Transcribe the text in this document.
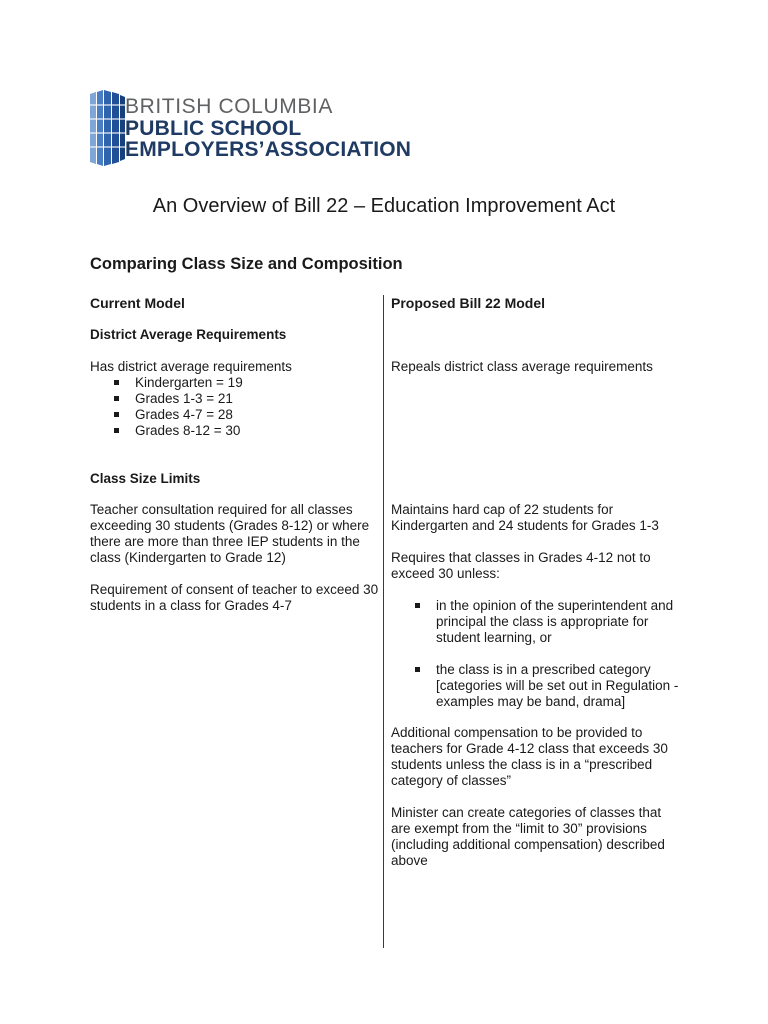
BRITISH COLUMBIA
PUBLIC SCHOOL
EMPLOYERS’ASSOCIATION
An Overview of Bill 22 – Education Improvement Act
Comparing Class Size and Composition
Current Model
District Average Requirements

Has district average requirements

Kindergarten = 19
Grades 1-3 = 21
Grades 4-7 = 28
Grades 8-12 = 30
Class Size Limits

Teacher consultation required for all classes exceeding 30 students (Grades 8-12) or where there are more than three IEP students in the class (Kindergarten to Grade 12)

Requirement of consent of teacher to exceed 30 students in a class for Grades 4-7

Proposed Bill 22 Model

Repeals district class average requirements

Maintains hard cap of 22 students for Kindergarten and 24 students for Grades 1-3

Requires that classes in Grades 4-12 not to exceed 30 unless:

in the opinion of the superintendent and principal the class is appropriate for student learning, or
the class is in a prescribed category [categories will be set out in Regulation - examples may be band, drama]

Additional compensation to be provided to teachers for Grade 4-12 class that exceeds 30 students unless the class is in a “prescribed category of classes”

Minister can create categories of classes that are exempt from the “limit to 30” provisions (including additional compensation) described above
